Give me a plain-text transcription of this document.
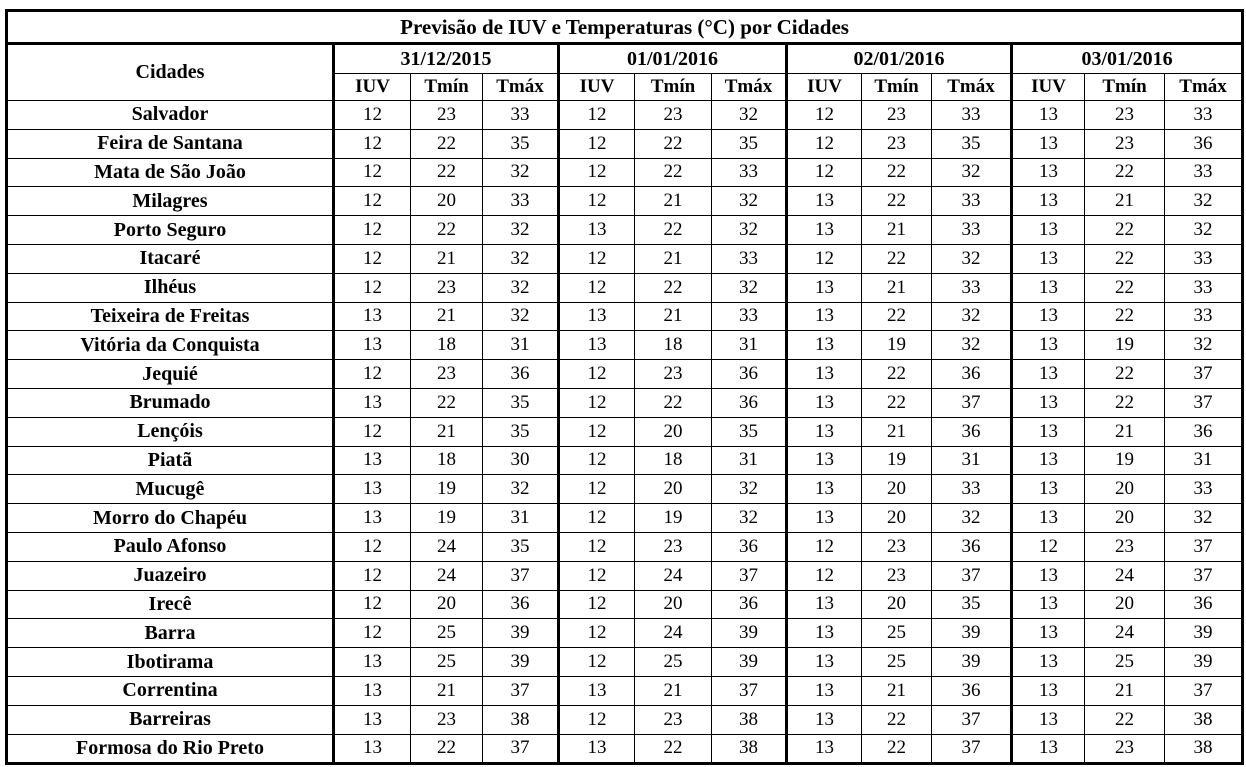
Previsão de IUV e Temperaturas (°C) por Cidades												
Cidades	31/12/2015			01/01/2016			02/01/2016			03/01/2016		
	IUV	Tmín	Tmáx	IUV	Tmín	Tmáx	IUV	Tmín	Tmáx	IUV	Tmín	Tmáx
Salvador	12	23	33	12	23	32	12	23	33	13	23	33
Feira de Santana	12	22	35	12	22	35	12	23	35	13	23	36
Mata de São João	12	22	32	12	22	33	12	22	32	13	22	33
Milagres	12	20	33	12	21	32	13	22	33	13	21	32
Porto Seguro	12	22	32	13	22	32	13	21	33	13	22	32
Itacaré	12	21	32	12	21	33	12	22	32	13	22	33
Ilhéus	12	23	32	12	22	32	13	21	33	13	22	33
Teixeira de Freitas	13	21	32	13	21	33	13	22	32	13	22	33
Vitória da Conquista	13	18	31	13	18	31	13	19	32	13	19	32
Jequié	12	23	36	12	23	36	13	22	36	13	22	37
Brumado	13	22	35	12	22	36	13	22	37	13	22	37
Lençóis	12	21	35	12	20	35	13	21	36	13	21	36
Piatã	13	18	30	12	18	31	13	19	31	13	19	31
Mucugê	13	19	32	12	20	32	13	20	33	13	20	33
Morro do Chapéu	13	19	31	12	19	32	13	20	32	13	20	32
Paulo Afonso	12	24	35	12	23	36	12	23	36	12	23	37
Juazeiro	12	24	37	12	24	37	12	23	37	13	24	37
Irecê	12	20	36	12	20	36	13	20	35	13	20	36
Barra	12	25	39	12	24	39	13	25	39	13	24	39
Ibotirama	13	25	39	12	25	39	13	25	39	13	25	39
Correntina	13	21	37	13	21	37	13	21	36	13	21	37
Barreiras	13	23	38	12	23	38	13	22	37	13	22	38
Formosa do Rio Preto	13	22	37	13	22	38	13	22	37	13	23	38
